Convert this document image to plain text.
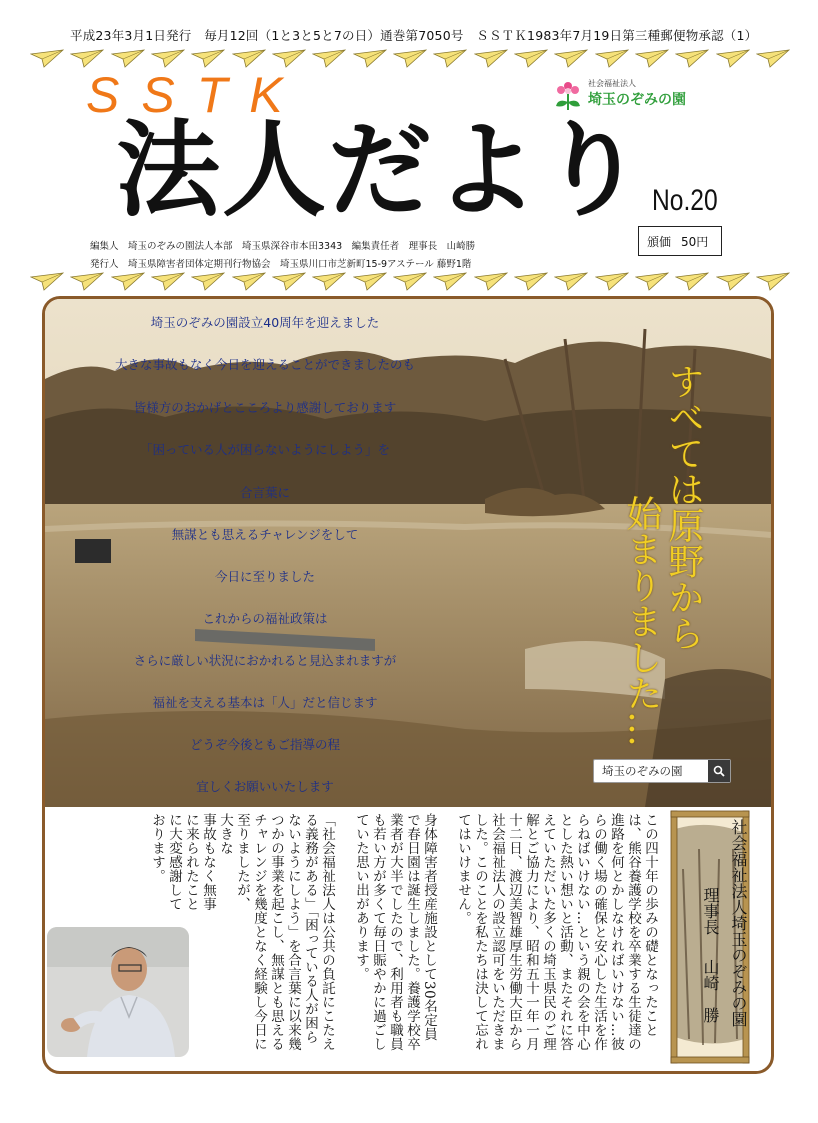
平成23年3月1日発行　毎月12回（1と3と5と7の日）通巻第7050号　ＳＳＴＫ1983年7月19日第三種郵便物承認（1）
SSTK	社会福祉法人
埼玉のぞみの園
法人だより No.20
頒価 50円
編集人　埼玉のぞみの園法人本部　埼玉県深谷市本田3343　編集責任者　理事長　山崎勝
発行人　埼玉県障害者団体定期刊行物協会　埼玉県川口市芝新町15-9アステール 藤野1階
埼玉のぞみの園設立40周年を迎えました
大きな事故もなく今日を迎えることができましたのも
皆様方のおかげとこころより感謝しております
「困っている人が困らないようにしよう」を
合言葉に
無謀とも思えるチャレンジをして
今日に至りました
これからの福祉政策は
さらに厳しい状況におかれると見込まれますが
福祉を支える基本は「人」だと信じます
どうぞ今後ともご指導の程
宜しくお願いいたします
すべては原野から
始まりました…
埼玉のぞみの園
この四十年の歩みの礎となったこと
は、熊谷養護学校を卒業する生徒達の
進路を何とかしなければいけない…彼
らの働く場の確保と安心した生活を作
らねばいけない…という親の会を中心
とした熱い想いと活動、またそれに答
えていただいた多くの埼玉県民のご理
解とご協力により、昭和五十一年一月
十二日、渡辺美智雄厚生労働大臣から
社会福祉法人の設立認可をいただきま
した。このことを私たちは決して忘れ
てはいけません。
身体障害者授産施設として30名定員
で春日園は誕生しました。養護学校卒
業者が大半でしたので、利用者も職員
も若い方が多くて毎日賑やかに過ごし
ていた思い出があります。
「社会福祉法人は公共の負託にこたえ
る義務がある」「困っている人が困ら
ないようにしよう」を合言葉に以来幾
つかの事業を起こし、無謀とも思える
チャレンジを幾度となく経験し今日に
至りましたが、
大きな
事故もなく無事
に来られたこと
に大変感謝して
おります。	社会福祉法人埼玉のぞみの園
理事長
山崎　勝
